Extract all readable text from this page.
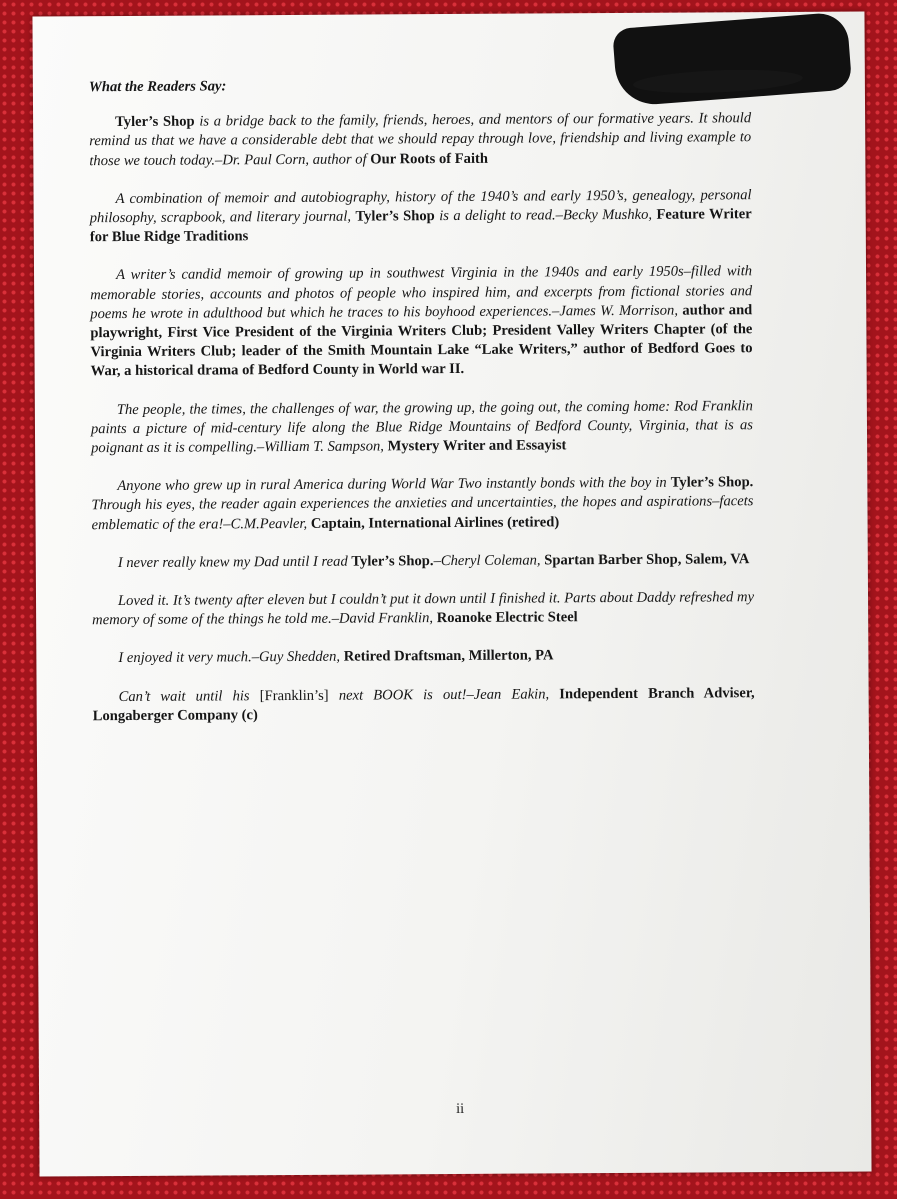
What the Readers Say:

Tyler’s Shop is a bridge back to the family, friends, heroes, and mentors of our formative years. It should remind us that we have a considerable debt that we should repay through love, friendship and living example to those we touch today.–Dr. Paul Corn, author of Our Roots of Faith

A combination of memoir and autobiography, history of the 1940’s and early 1950’s, genealogy, personal philosophy, scrapbook, and literary journal, Tyler’s Shop is a delight to read.–Becky Mushko, Feature Writer for Blue Ridge Traditions

A writer’s candid memoir of growing up in southwest Virginia in the 1940s and early 1950s–filled with memorable stories, accounts and photos of people who inspired him, and excerpts from fictional stories and poems he wrote in adulthood but which he traces to his boyhood experiences.–James W. Morrison, author and playwright, First Vice President of the Virginia Writers Club; President Valley Writers Chapter (of the Virginia Writers Club; leader of the Smith Mountain Lake “Lake Writers,” author of Bedford Goes to War, a historical drama of Bedford County in World war II.

The people, the times, the challenges of war, the growing up, the going out, the coming home: Rod Franklin paints a picture of mid-century life along the Blue Ridge Mountains of Bedford County, Virginia, that is as poignant as it is compelling.–William T. Sampson, Mystery Writer and Essayist

Anyone who grew up in rural America during World War Two instantly bonds with the boy in Tyler’s Shop. Through his eyes, the reader again experiences the anxieties and uncertainties, the hopes and aspirations–facets emblematic of the era!–C.M.Peavler, Captain, International Airlines (retired)

I never really knew my Dad until I read Tyler’s Shop.–Cheryl Coleman, Spartan Barber Shop, Salem, VA

Loved it. It’s twenty after eleven but I couldn’t put it down until I finished it. Parts about Daddy refreshed my memory of some of the things he told me.–David Franklin, Roanoke Electric Steel

I enjoyed it very much.–Guy Shedden, Retired Draftsman, Millerton, PA

Can’t wait until his [Franklin’s] next BOOK is out!–Jean Eakin, Independent Branch Adviser, Longaberger Company (c)

ii
